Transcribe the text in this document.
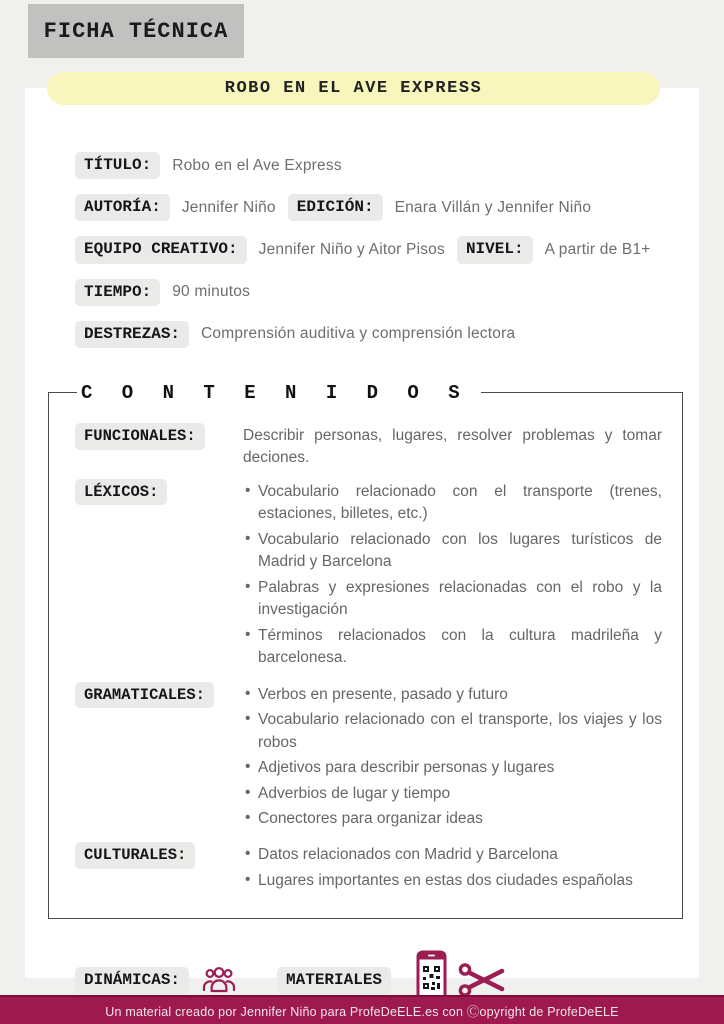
FICHA TÉCNICA
ROBO EN EL AVE EXPRESS
TÍTULO:	Robo en el Ave Express
AUTORÍA:	Jennifer Niño	EDICIÓN:	Enara Villán y Jennifer Niño
EQUIPO CREATIVO:	Jennifer Niño y Aitor Pisos	NIVEL:	A partir de B1+
TIEMPO:	90 minutos
DESTREZAS:	Comprensión auditiva y comprensión lectora
C O N T E N I D O S
FUNCIONALES:	Describir personas, lugares, resolver problemas y tomar deciones.

LÉXICOS:	• Vocabulario relacionado con el transporte (trenes, estaciones, billetes, etc.)
• Vocabulario relacionado con los lugares turísticos de Madrid y Barcelona
• Palabras y expresiones relacionadas con el robo y la investigación
• Términos relacionados con la cultura madrileña y barcelonesa.
GRAMATICALES:	• Verbos en presente, pasado y futuro
• Vocabulario relacionado con el transporte, los viajes y los robos
• Adjetivos para describir personas y lugares
• Adverbios de lugar y tiempo
• Conectores para organizar ideas
CULTURALES:	• Datos relacionados con Madrid y Barcelona
• Lugares importantes en estas dos ciudades españolas
DINÁMICAS:	MATERIALES
Un material creado por Jennifer Niño para ProfeDeELE.es con Ⓒopyright de ProfeDeELE
